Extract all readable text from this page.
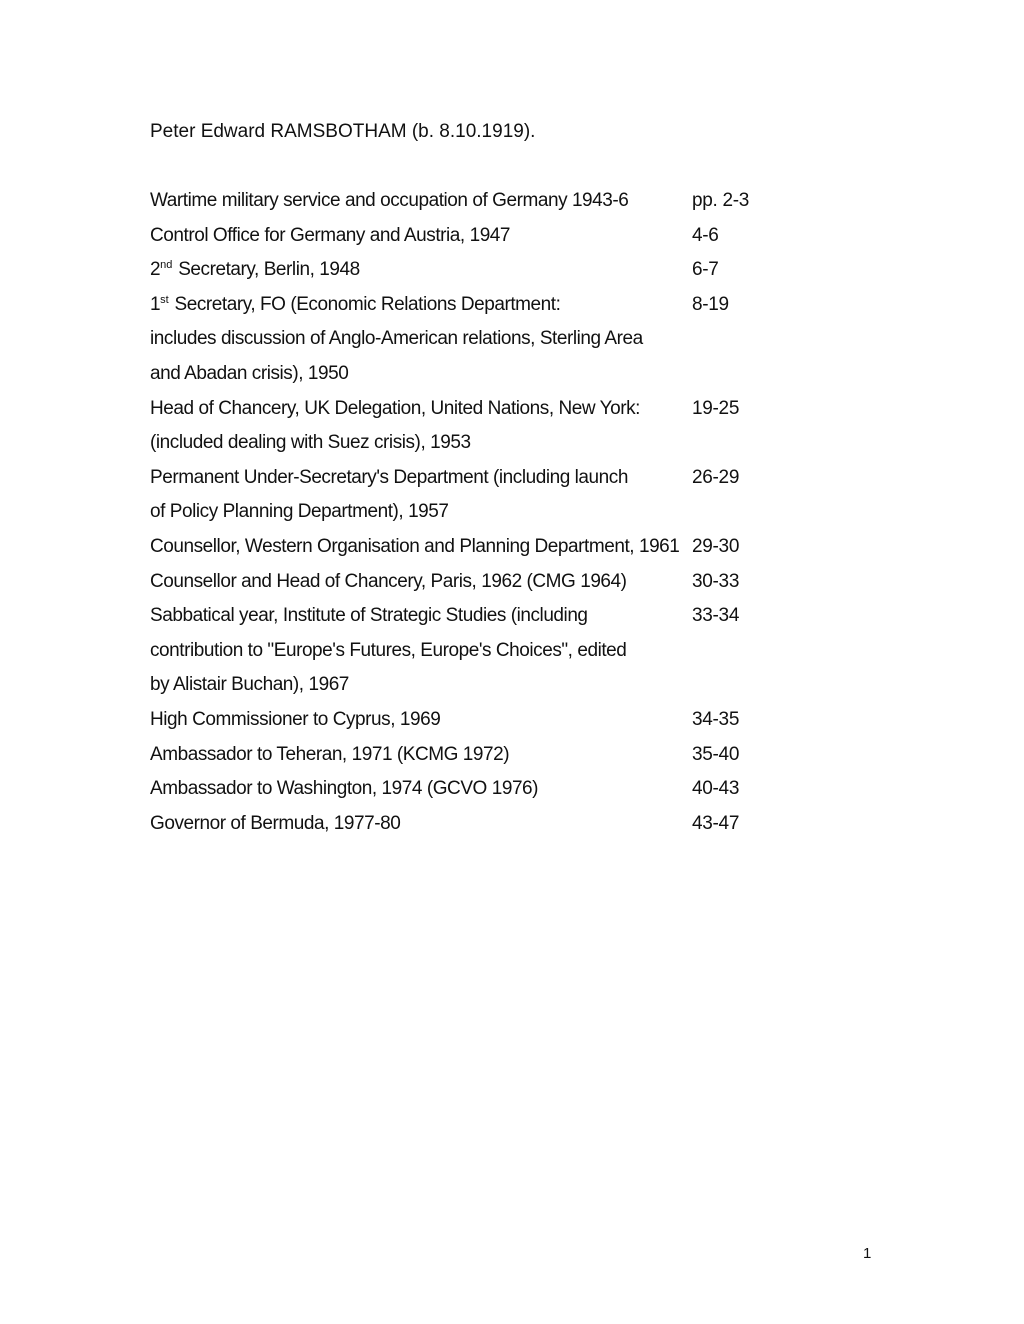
Peter Edward RAMSBOTHAM (b. 8.10.1919).
Wartime military service and occupation of Germany 1943-6	pp. 2-3
Control Office for Germany and Austria, 1947	4-6
2nd Secretary, Berlin, 1948	6-7
1st Secretary, FO (Economic Relations Department:	8-19
includes discussion of Anglo-American relations, Sterling Area
and Abadan crisis), 1950
Head of Chancery, UK Delegation, United Nations, New York:	19-25
(included dealing with Suez crisis), 1953
Permanent Under-Secretary's Department (including launch	26-29
of Policy Planning Department), 1957
Counsellor, Western Organisation and Planning Department, 1961 29-30
Counsellor and Head of Chancery, Paris, 1962 (CMG 1964)	30-33
Sabbatical year, Institute of Strategic Studies (including	33-34
contribution to "Europe's Futures, Europe's Choices", edited
by Alistair Buchan), 1967
High Commissioner to Cyprus, 1969	34-35
Ambassador to Teheran, 1971 (KCMG 1972)	35-40
Ambassador to Washington, 1974 (GCVO 1976)	40-43
Governor of Bermuda, 1977-80	43-47
1
